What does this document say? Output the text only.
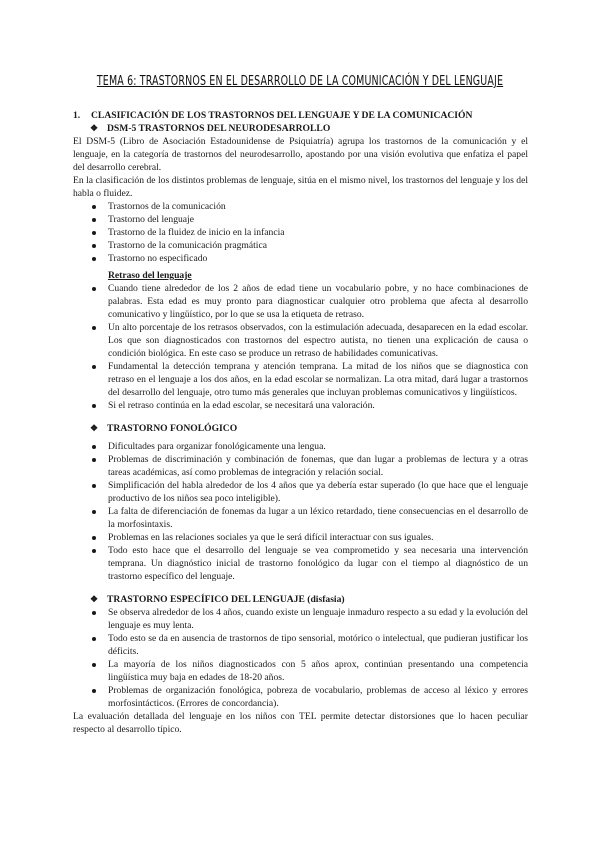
TEMA 6: TRASTORNOS EN EL DESARROLLO DE LA COMUNICACIÓN Y DEL LENGUAJE

1. CLASIFICACIÓN DE LOS TRASTORNOS DEL LENGUAJE Y DE LA COMUNICACIÓN

❖ DSM-5 TRASTORNOS DEL NEURODESARROLLO

El DSM-5 (Libro de Asociación Estadounidense de Psiquiatría) agrupa los trastornos de la comunicación y el lenguaje, en la categoría de trastornos del neurodesarrollo, apostando por una visión evolutiva que enfatiza el papel del desarrollo cerebral.

En la clasificación de los distintos problemas de lenguaje, sitúa en el mismo nivel, los trastornos del lenguaje y los del habla o fluidez.

Trastornos de la comunicación
Trastorno del lenguaje
Trastorno de la fluidez de inicio en la infancia
Trastorno de la comunicación pragmática
Trastorno no especificado

Retraso del lenguaje

Cuando tiene alrededor de los 2 años de edad tiene un vocabulario pobre, y no hace combinaciones de palabras. Esta edad es muy pronto para diagnosticar cualquier otro problema que afecta al desarrollo comunicativo y lingüístico, por lo que se usa la etiqueta de retraso.
Un alto porcentaje de los retrasos observados, con la estimulación adecuada, desaparecen en la edad escolar. Los que son diagnosticados con trastornos del espectro autista, no tienen una explicación de causa o condición biológica. En este caso se produce un retraso de habilidades comunicativas.
Fundamental la detección temprana y atención temprana. La mitad de los niños que se diagnostica con retraso en el lenguaje a los dos años, en la edad escolar se normalizan. La otra mitad, dará lugar a trastornos del desarrollo del lenguaje, otro tumo más generales que incluyan problemas comunicativos y lingüísticos.
Si el retraso continúa en la edad escolar, se necesitará una valoración.

❖ TRASTORNO FONOLÓGICO

Dificultades para organizar fonológicamente una lengua.
Problemas de discriminación y combinación de fonemas, que dan lugar a problemas de lectura y a otras tareas académicas, así como problemas de integración y relación social.
Simplificación del habla alrededor de los 4 años que ya debería estar superado (lo que hace que el lenguaje productivo de los niños sea poco inteligible).
La falta de diferenciación de fonemas da lugar a un léxico retardado, tiene consecuencias en el desarrollo de la morfosintaxis.
Problemas en las relaciones sociales ya que le será difícil interactuar con sus iguales.
Todo esto hace que el desarrollo del lenguaje se vea comprometido y sea necesaria una intervención temprana. Un diagnóstico inicial de trastorno fonológico da lugar con el tiempo al diagnóstico de un trastorno específico del lenguaje.

❖ TRASTORNO ESPECÍFICO DEL LENGUAJE (disfasia)

Se observa alrededor de los 4 años, cuando existe un lenguaje inmaduro respecto a su edad y la evolución del lenguaje es muy lenta.
Todo esto se da en ausencia de trastornos de tipo sensorial, motórico o intelectual, que pudieran justificar los déficits.
La mayoría de los niños diagnosticados con 5 años aprox, continúan presentando una competencia lingüística muy baja en edades de 18-20 años.
Problemas de organización fonológica, pobreza de vocabulario, problemas de acceso al léxico y errores morfosintácticos. (Errores de concordancia).

La evaluación detallada del lenguaje en los niños con TEL permite detectar distorsiones que lo hacen peculiar respecto al desarrollo típico.
